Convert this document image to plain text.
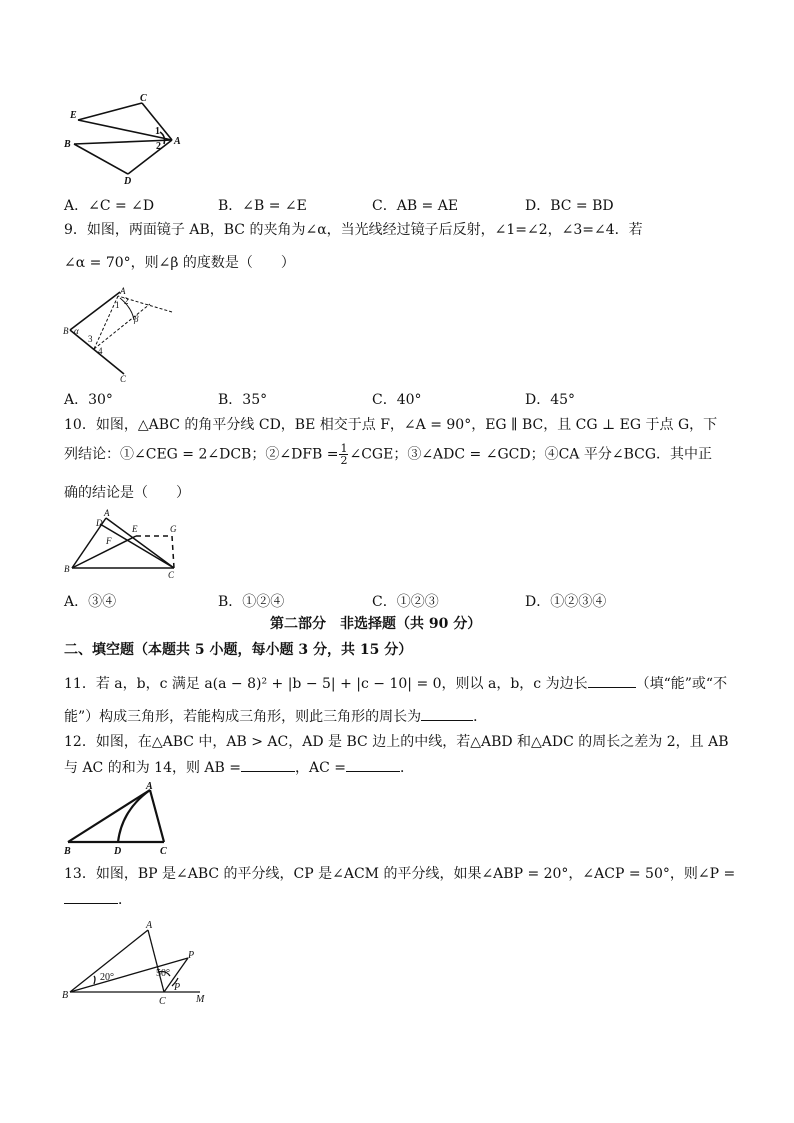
E
C
B
1
2 A
D
A．∠C = ∠D	B．∠B = ∠E	C．AB = AE	D．BC = BD
9．如图，两面镜子 AB，BC 的夹角为∠α，当光线经过镜子后反射，∠1=∠2，∠3=∠4．若
∠α = 70°，则∠β 的度数是（　　）
A
B
C
α
1 2
3
4
β
A．30°	B．35°	C．40°	D．45°
10．如图，△ABC 的角平分线 CD，BE 相交于点 F，∠A = 90°，EG ∥ BC，且 CG ⊥ EG 于点 G，下
列结论：①∠CEG = 2∠DCB；②∠DFB = $\frac{1}{2}$ ∠CGE；③∠ADC = ∠GCD；④CA 平分∠BCG．其中正
确的结论是（　　）
A
D
E
F
G
B
C
A．③④	B．①②④	C．①②③	D．①②③④
第二部分　非选择题（共 90 分）
二、填空题（本题共 5 小题，每小题 3 分，共 15 分）
11．若 a，b，c 满足 a(a − 8)² + |b − 5| + |c − 10| = 0，则以 a，b，c 为边长	（填“能”或“不
能”）构成三角形，若能构成三角形，则此三角形的周长为	．
12．如图，在△ABC 中，AB > AC，AD 是 BC 边上的中线，若△ABD 和△ADC 的周长之差为 2，且 AB
与 AC 的和为 14，则 AB =	，AC =	．
A
B	D	C
13．如图，BP 是∠ABC 的平分线，CP 是∠ACM 的平分线，如果∠ABP = 20°，∠ACP = 50°，则∠P =
．
A
P
B
C	M
20°	50°
P
